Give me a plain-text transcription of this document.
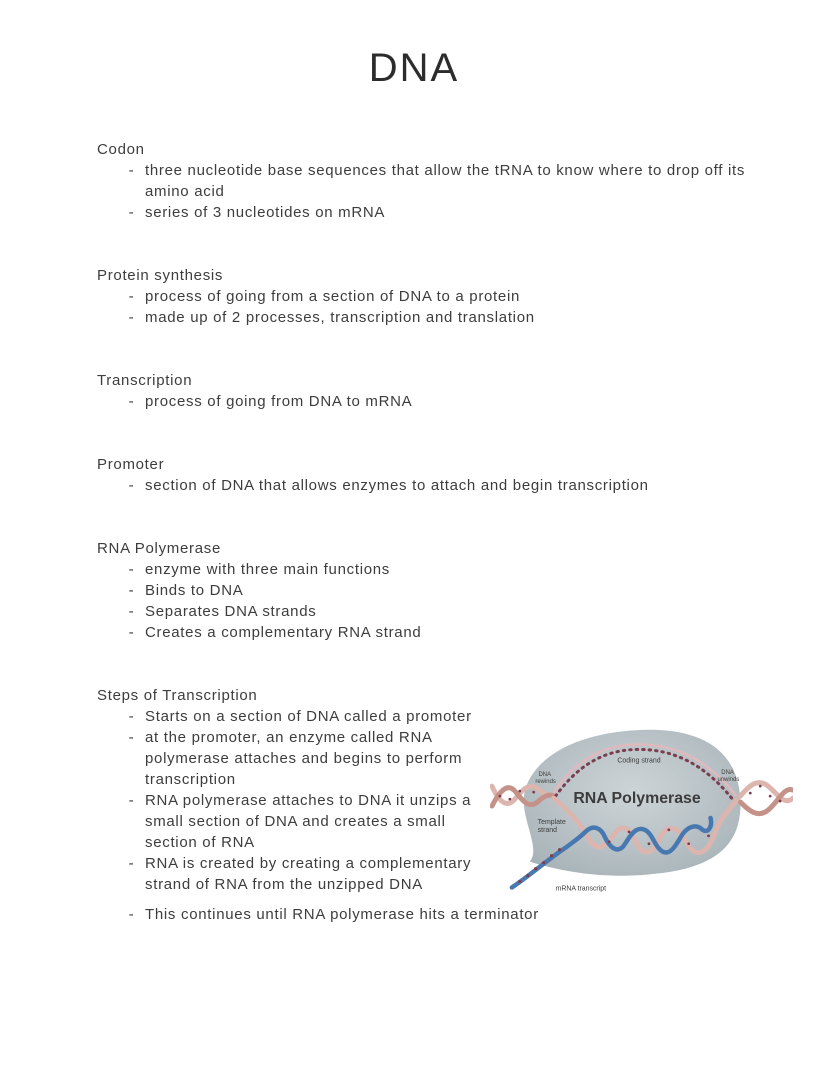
DNA
Codon
- three nucleotide base sequences that allow the tRNA to know where to drop off its amino acid
- series of 3 nucleotides on mRNA
Protein synthesis
- process of going from a section of DNA to a protein
- made up of 2 processes, transcription and translation
Transcription
- process of going from DNA to mRNA
Promoter
- section of DNA that allows enzymes to attach and begin transcription
RNA Polymerase
- enzyme with three main functions
- Binds to DNA
- Separates DNA strands
- Creates a complementary RNA strand
Steps of Transcription
Coding strand
DNA rewinds
DNA unwinds
RNA Polymerase
Template strand
mRNA transcript
- Starts on a section of DNA called a promoter
- at the promoter, an enzyme called RNA polymerase attaches and begins to perform transcription
- RNA polymerase attaches to DNA it unzips a small section of DNA and creates a small section of RNA
- RNA is created by creating a complementary strand of RNA from the unzipped DNA
- This continues until RNA polymerase hits a terminator
